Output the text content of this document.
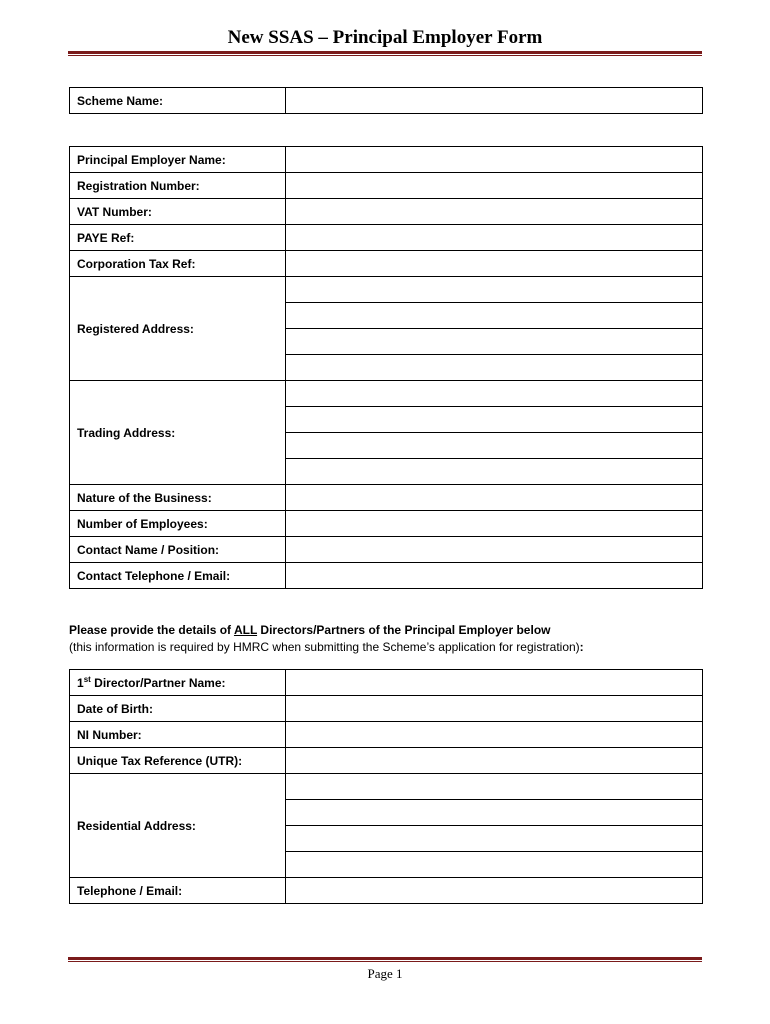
New SSAS – Principal Employer Form
Scheme Name:	
Principal Employer Name:	
Registration Number:	
VAT Number:	
PAYE Ref:	
Corporation Tax Ref:	
Registered Address:	

Trading Address:	

Nature of the Business:	
Number of Employees:	
Contact Name / Position:	
Contact Telephone / Email:	
Please provide the details of ALL Directors/Partners of the Principal Employer below
(this information is required by HMRC when submitting the Scheme’s application for registration):
1st Director/Partner Name:	
Date of Birth:	
NI Number:	
Unique Tax Reference (UTR):	
Residential Address:	

Telephone / Email:	
Page 1
